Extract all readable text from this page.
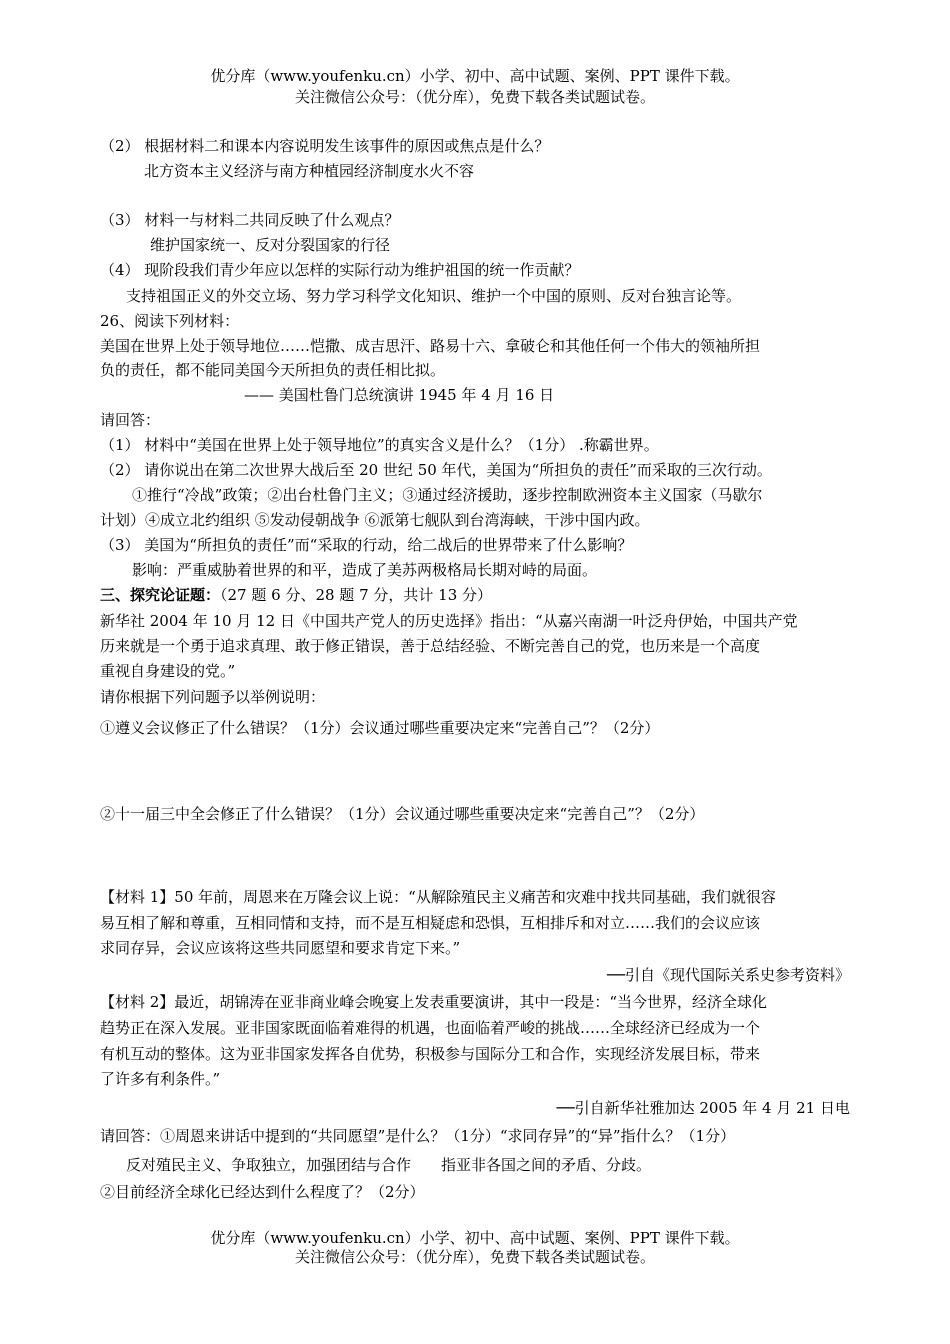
优分库（www.youfenku.cn）小学、初中、高中试题、案例、PPT 课件下载。
关注微信公众号：（优分库），免费下载各类试题试卷。
（2） 根据材料二和课本内容说明发生该事件的原因或焦点是什么？
北方资本主义经济与南方种植园经济制度水火不容
（3） 材料一与材料二共同反映了什么观点？
维护国家统一、反对分裂国家的行径
（4） 现阶段我们青少年应以怎样的实际行动为维护祖国的统一作贡献？
支持祖国正义的外交立场、努力学习科学文化知识、维护一个中国的原则、反对台独言论等。
26、阅读下列材料：
美国在世界上处于领导地位……恺撒、成吉思汗、路易十六、拿破仑和其他任何一个伟大的领袖所担
负的责任，都不能同美国今天所担负的责任相比拟。
—— 美国杜鲁门总统演讲 1945 年 4 月 16 日
请回答：
（1） 材料中“美国在世界上处于领导地位”的真实含义是什么？（1分） .称霸世界。
（2） 请你说出在第二次世界大战后至 20 世纪 50 年代，美国为“所担负的责任”而采取的三次行动。
①推行“冷战”政策；②出台杜鲁门主义；③通过经济援助，逐步控制欧洲资本主义国家（马歇尔
计划）④成立北约组织 ⑤发动侵朝战争 ⑥派第七舰队到台湾海峡，干涉中国内政。
（3） 美国为“所担负的责任”而“采取的行动，给二战后的世界带来了什么影响？
影响：严重威胁着世界的和平，造成了美苏两极格局长期对峙的局面。
三、探究论证题：（27 题 6 分、28 题 7 分，共计 13 分）
新华社 2004 年 10 月 12 日《中国共产党人的历史选择》指出：“从嘉兴南湖一叶泛舟伊始，中国共产党
历来就是一个勇于追求真理、敢于修正错误，善于总结经验、不断完善自己的党，也历来是一个高度
重视自身建设的党。”
请你根据下列问题予以举例说明：
①遵义会议修正了什么错误？（1分）会议通过哪些重要决定来“完善自己”？（2分）
②十一届三中全会修正了什么错误？（1分）会议通过哪些重要决定来“完善自己”？（2分）
【材料 1】50 年前，周恩来在万隆会议上说：“从解除殖民主义痛苦和灾难中找共同基础，我们就很容
易互相了解和尊重，互相同情和支持，而不是互相疑虑和恐惧，互相排斥和对立……我们的会议应该
求同存异，会议应该将这些共同愿望和要求肯定下来。”
──引自《现代国际关系史参考资料》
【材料 2】最近，胡锦涛在亚非商业峰会晚宴上发表重要演讲，其中一段是：“当今世界，经济全球化
趋势正在深入发展。亚非国家既面临着难得的机遇，也面临着严峻的挑战……全球经济已经成为一个
有机互动的整体。这为亚非国家发挥各自优势，积极参与国际分工和合作，实现经济发展目标，带来
了许多有利条件。”
──引自新华社雅加达 2005 年 4 月 21 日电
请回答：①周恩来讲话中提到的“共同愿望”是什么？（1分）“求同存异”的“异”指什么？（1分）
反对殖民主义、争取独立，加强团结与合作　　指亚非各国之间的矛盾、分歧。
②目前经济全球化已经达到什么程度了？（2分）
优分库（www.youfenku.cn）小学、初中、高中试题、案例、PPT 课件下载。
关注微信公众号：（优分库），免费下载各类试题试卷。
